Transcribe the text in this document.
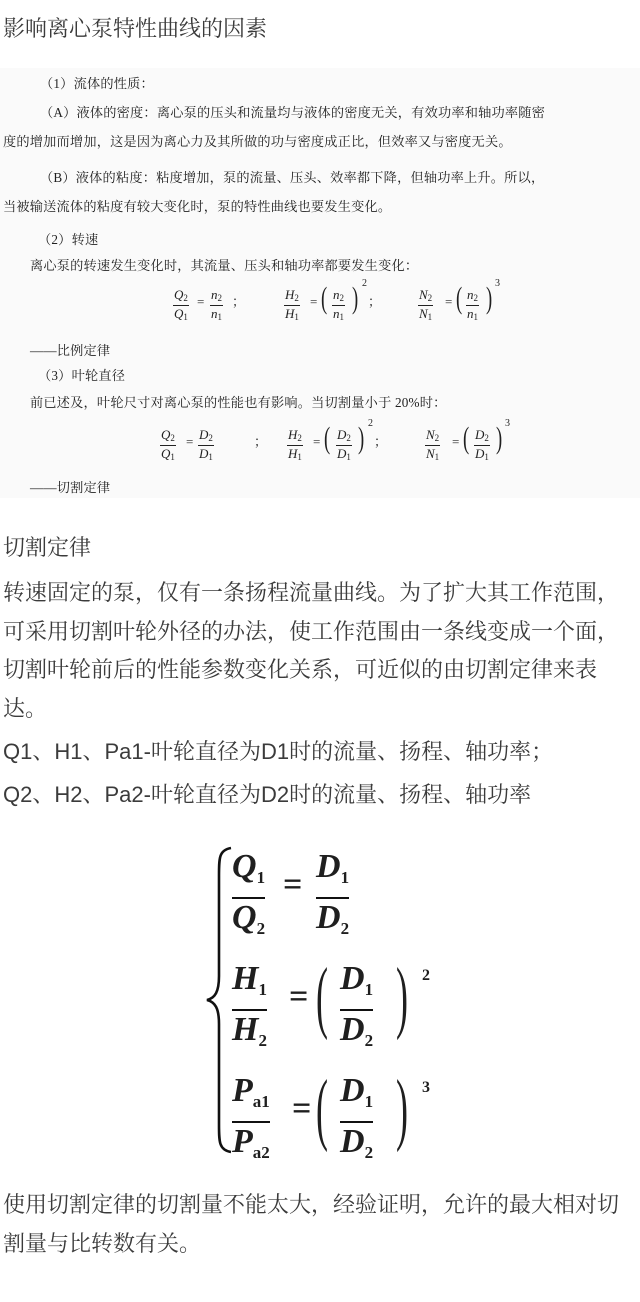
影响离心泵特性曲线的因素
（1）流体的性质：
（A）液体的密度：离心泵的压头和流量均与液体的密度无关，有效功率和轴功率随密
度的增加而增加，这是因为离心力及其所做的功与密度成正比，但效率又与密度无关。
（B）液体的粘度：粘度增加，泵的流量、压头、效率都下降，但轴功率上升。所以，
当被输送流体的粘度有较大变化时，泵的特性曲线也要发生变化。
（2）转速
离心泵的转速发生变化时，其流量、压头和轴功率都要发生变化：
$Q_2$
$Q_1$
= $n_2$
$n_1$
；	$H_2$
$H_1$
= ( $n_2$
$n_1$
) 2
；	$N_2$
$N_1$
= ( $n_2$
$n_1$
) 3
——比例定律
（3）叶轮直径
前已述及，叶轮尺寸对离心泵的性能也有影响。当切割量小于 20%时：
$Q_2$
$Q_1$
= $D_2$
$D_1$
； $H_2$
$H_1$
= ( $D_2$
$D_1$
) 2
；	$N_2$
$N_1$
= ( $D_2$
$D_1$
) 3
——切割定律
切割定律
转速固定的泵，仅有一条扬程流量曲线。为了扩大其工作范围，可采用切割叶轮外径的办法，使工作范围由一条线变成一个面，切割叶轮前后的性能参数变化关系，可近似的由切割定律来表达。
Q1、H1、Pa1-叶轮直径为D1时的流量、扬程、轴功率；
Q2、H2、Pa2-叶轮直径为D2时的流量、扬程、轴功率
Q1
Q2
= D1
D2
H1
H2
= ( D1
D2 ) 2
Pa1
Pa2
= ( D1
D2 ) 3
使用切割定律的切割量不能太大，经验证明，允许的最大相对切割量与比转数有关。
